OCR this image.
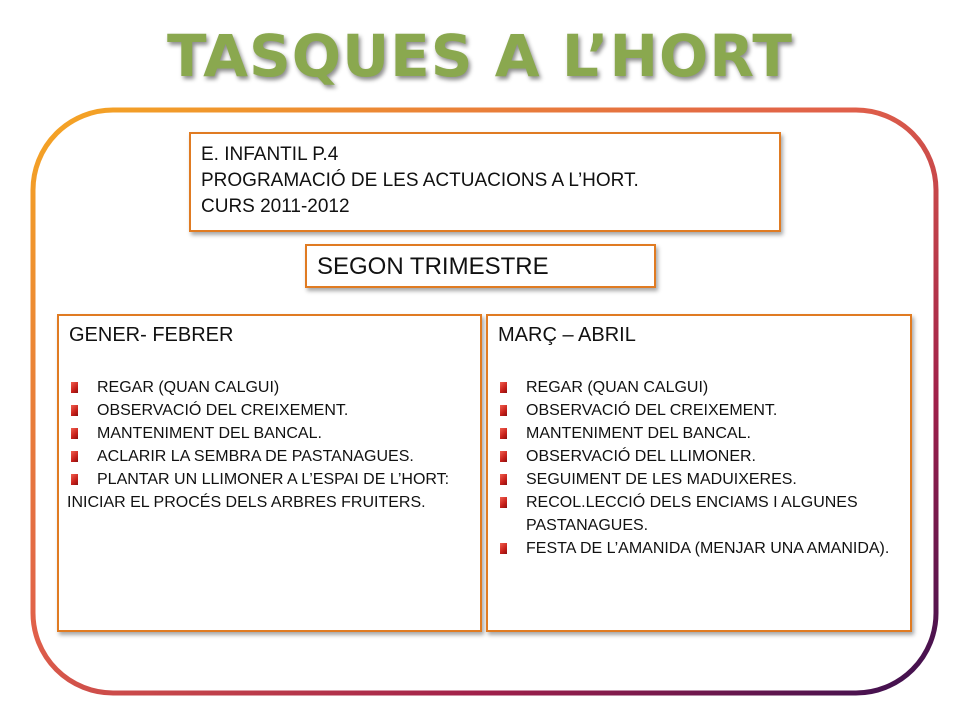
TASQUES A L’HORT
E. INFANTIL P.4
PROGRAMACIÓ DE LES ACTUACIONS A L’HORT.
CURS 2011-2012
SEGON TRIMESTRE
GENER- FEBRER
REGAR (QUAN CALGUI)
OBSERVACIÓ DEL CREIXEMENT.
MANTENIMENT DEL BANCAL.
ACLARIR LA SEMBRA DE PASTANAGUES.
PLANTAR UN LLIMONER A L’ESPAI DE L’HORT:
INICIAR EL PROCÉS DELS ARBRES FRUITERS.
MARÇ – ABRIL
REGAR (QUAN CALGUI)
OBSERVACIÓ DEL CREIXEMENT.
MANTENIMENT DEL BANCAL.
OBSERVACIÓ DEL LLIMONER.
SEGUIMENT DE LES MADUIXERES.
RECOL.LECCIÓ DELS ENCIAMS I ALGUNES PASTANAGUES.
FESTA DE L’AMANIDA (MENJAR UNA AMANIDA).
